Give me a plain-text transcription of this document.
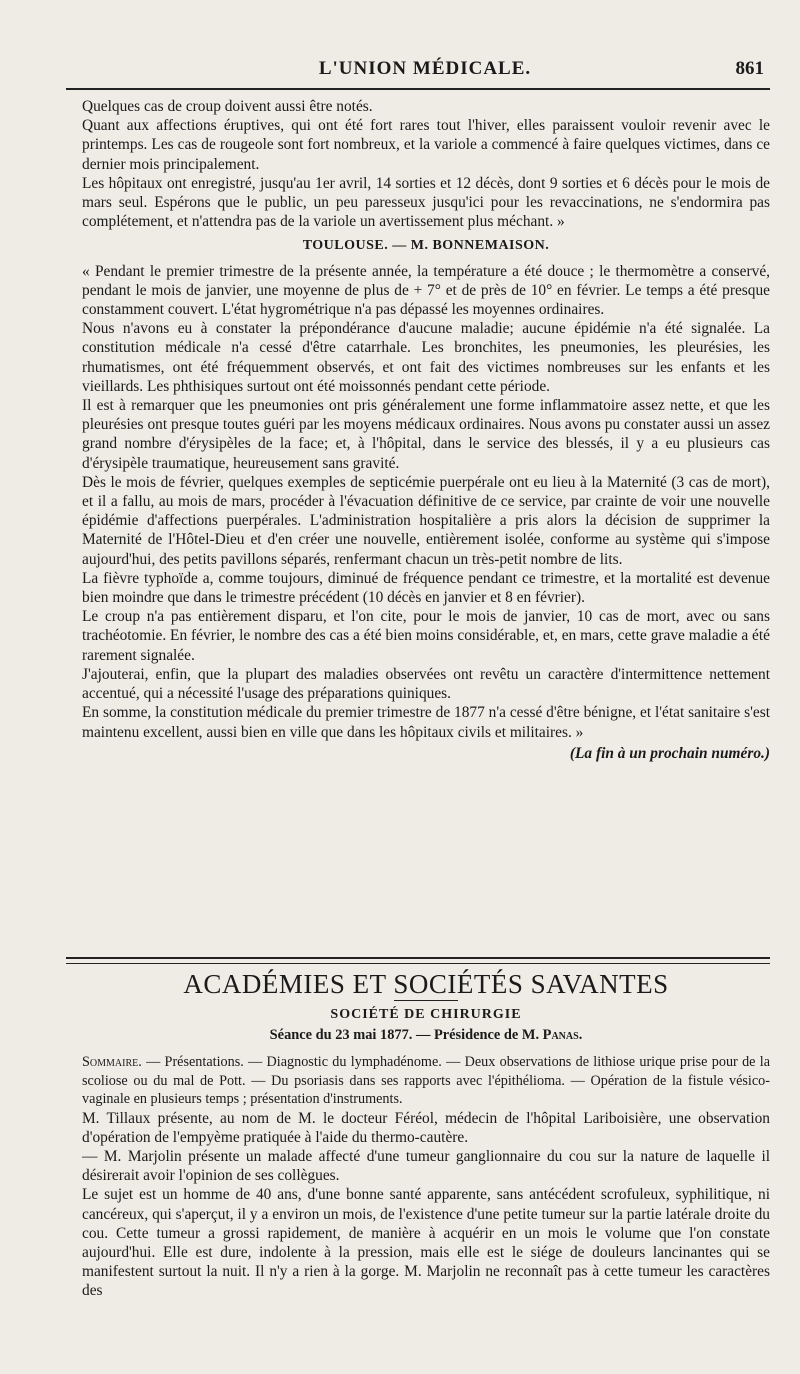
L'UNION MÉDICALE.	861

Quelques cas de croup doivent aussi être notés.

Quant aux affections éruptives, qui ont été fort rares tout l'hiver, elles paraissent vouloir revenir avec le printemps. Les cas de rougeole sont fort nombreux, et la variole a commencé à faire quelques victimes, dans ce dernier mois principalement.

Les hôpitaux ont enregistré, jusqu'au 1er avril, 14 sorties et 12 décès, dont 9 sorties et 6 décès pour le mois de mars seul. Espérons que le public, un peu paresseux jusqu'ici pour les revaccinations, ne s'endormira pas complétement, et n'attendra pas de la variole un avertissement plus méchant. »

TOULOUSE. — M. BONNEMAISON.

« Pendant le premier trimestre de la présente année, la température a été douce ; le thermomètre a conservé, pendant le mois de janvier, une moyenne de plus de + 7° et de près de 10° en février. Le temps a été presque constamment couvert. L'état hygrométrique n'a pas dépassé les moyennes ordinaires.

Nous n'avons eu à constater la prépondérance d'aucune maladie; aucune épidémie n'a été signalée. La constitution médicale n'a cessé d'être catarrhale. Les bronchites, les pneumonies, les pleurésies, les rhumatismes, ont été fréquemment observés, et ont fait des victimes nombreuses sur les enfants et les vieillards. Les phthisiques surtout ont été moissonnés pendant cette période.

Il est à remarquer que les pneumonies ont pris généralement une forme inflammatoire assez nette, et que les pleurésies ont presque toutes guéri par les moyens médicaux ordinaires. Nous avons pu constater aussi un assez grand nombre d'érysipèles de la face; et, à l'hôpital, dans le service des blessés, il y a eu plusieurs cas d'érysipèle traumatique, heureusement sans gravité.

Dès le mois de février, quelques exemples de septicémie puerpérale ont eu lieu à la Maternité (3 cas de mort), et il a fallu, au mois de mars, procéder à l'évacuation définitive de ce service, par crainte de voir une nouvelle épidémie d'affections puerpérales. L'administration hospitalière a pris alors la décision de supprimer la Maternité de l'Hôtel-Dieu et d'en créer une nouvelle, entièrement isolée, conforme au système qui s'impose aujourd'hui, des petits pavillons séparés, renfermant chacun un très-petit nombre de lits.

La fièvre typhoïde a, comme toujours, diminué de fréquence pendant ce trimestre, et la mortalité est devenue bien moindre que dans le trimestre précédent (10 décès en janvier et 8 en février).

Le croup n'a pas entièrement disparu, et l'on cite, pour le mois de janvier, 10 cas de mort, avec ou sans trachéotomie. En février, le nombre des cas a été bien moins considérable, et, en mars, cette grave maladie a été rarement signalée.

J'ajouterai, enfin, que la plupart des maladies observées ont revêtu un caractère d'intermittence nettement accentué, qui a nécessité l'usage des préparations quiniques.

En somme, la constitution médicale du premier trimestre de 1877 n'a cessé d'être bénigne, et l'état sanitaire s'est maintenu excellent, aussi bien en ville que dans les hôpitaux civils et militaires. »

(La fin à un prochain numéro.)
ACADÉMIES ET SOCIÉTÉS SAVANTES
SOCIÉTÉ DE CHIRURGIE
Séance du 23 mai 1877. — Présidence de M. Panas.

Sommaire. — Présentations. — Diagnostic du lymphadénome. — Deux observations de lithiose urique prise pour de la scoliose ou du mal de Pott. — Du psoriasis dans ses rapports avec l'épithélioma. — Opération de la fistule vésico-vaginale en plusieurs temps ; présentation d'instruments.

M. Tillaux présente, au nom de M. le docteur Féréol, médecin de l'hôpital Lariboisière, une observation d'opération de l'empyème pratiquée à l'aide du thermo-cautère.

— M. Marjolin présente un malade affecté d'une tumeur ganglionnaire du cou sur la nature de laquelle il désirerait avoir l'opinion de ses collègues.

Le sujet est un homme de 40 ans, d'une bonne santé apparente, sans antécédent scrofuleux, syphilitique, ni cancéreux, qui s'aperçut, il y a environ un mois, de l'existence d'une petite tumeur sur la partie latérale droite du cou. Cette tumeur a grossi rapidement, de manière à acquérir en un mois le volume que l'on constate aujourd'hui. Elle est dure, indolente à la pression, mais elle est le siége de douleurs lancinantes qui se manifestent surtout la nuit. Il n'y a rien à la gorge. M. Marjolin ne reconnaît pas à cette tumeur les caractères des
